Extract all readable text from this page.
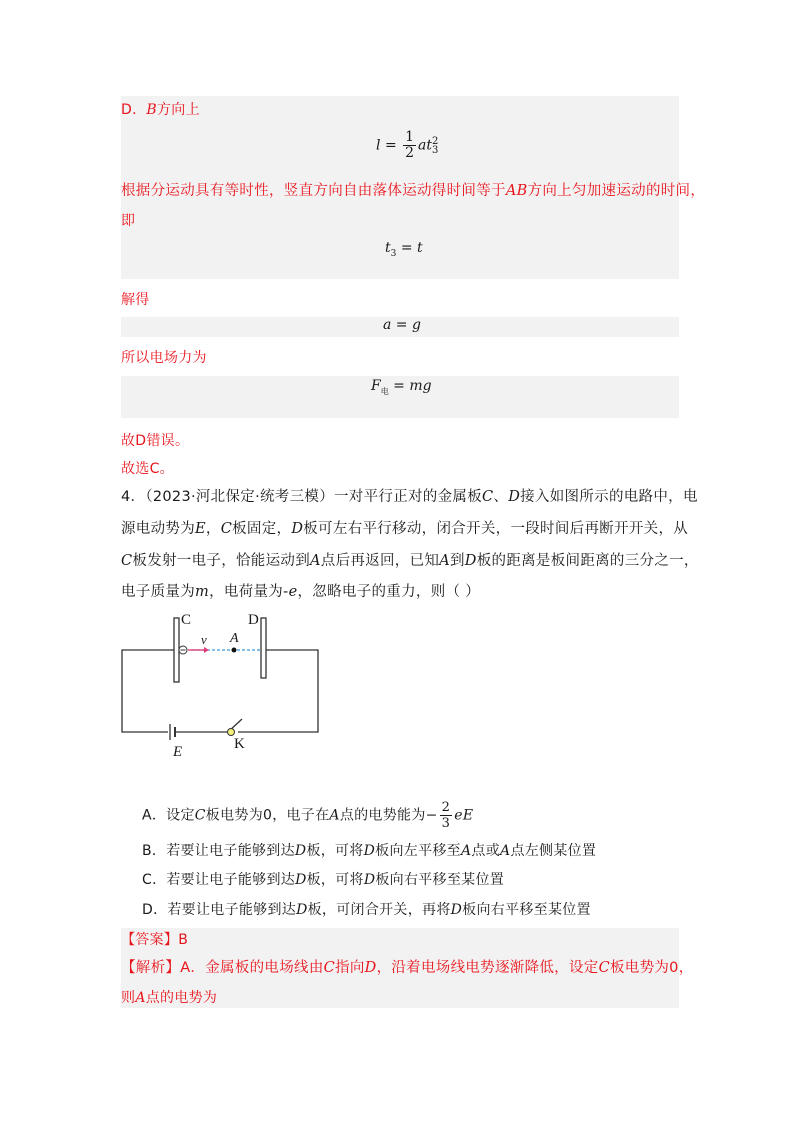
D．B方向上
$l = \frac{1}{2}$ at 2
3
根据分运动具有等时性，竖直方向自由落体运动得时间等于AB方向上匀加速运动的时间，
即
$t_3 = t$
解得
a = g
所以电场力为
$F_电$ = mg
故D错误。
故选C。
4．（2023·河北保定·统考三模）一对平行正对的金属板C、D接入如图所示的电路中，电
源电动势为E，C板固定，D板可左右平行移动，闭合开关，一段时间后再断开开关，从
C板发射一电子，恰能运动到A点后再返回，已知A到D板的距离是板间距离的三分之一，
电子质量为m，电荷量为-e，忽略电子的重力，则（ ）
C	D
v A
E	K
A．设定C板电势为0，电子在A点的电势能为− $\frac{2}{3}$ eE
B．若要让电子能够到达D板，可将D板向左平移至A点或A点左侧某位置
C．若要让电子能够到达D板，可将D板向右平移至某位置
D．若要让电子能够到达D板，可闭合开关，再将D板向右平移至某位置
【答案】B
【解析】A．金属板的电场线由C指向D，沿着电场线电势逐渐降低，设定C板电势为0，
则A点的电势为
